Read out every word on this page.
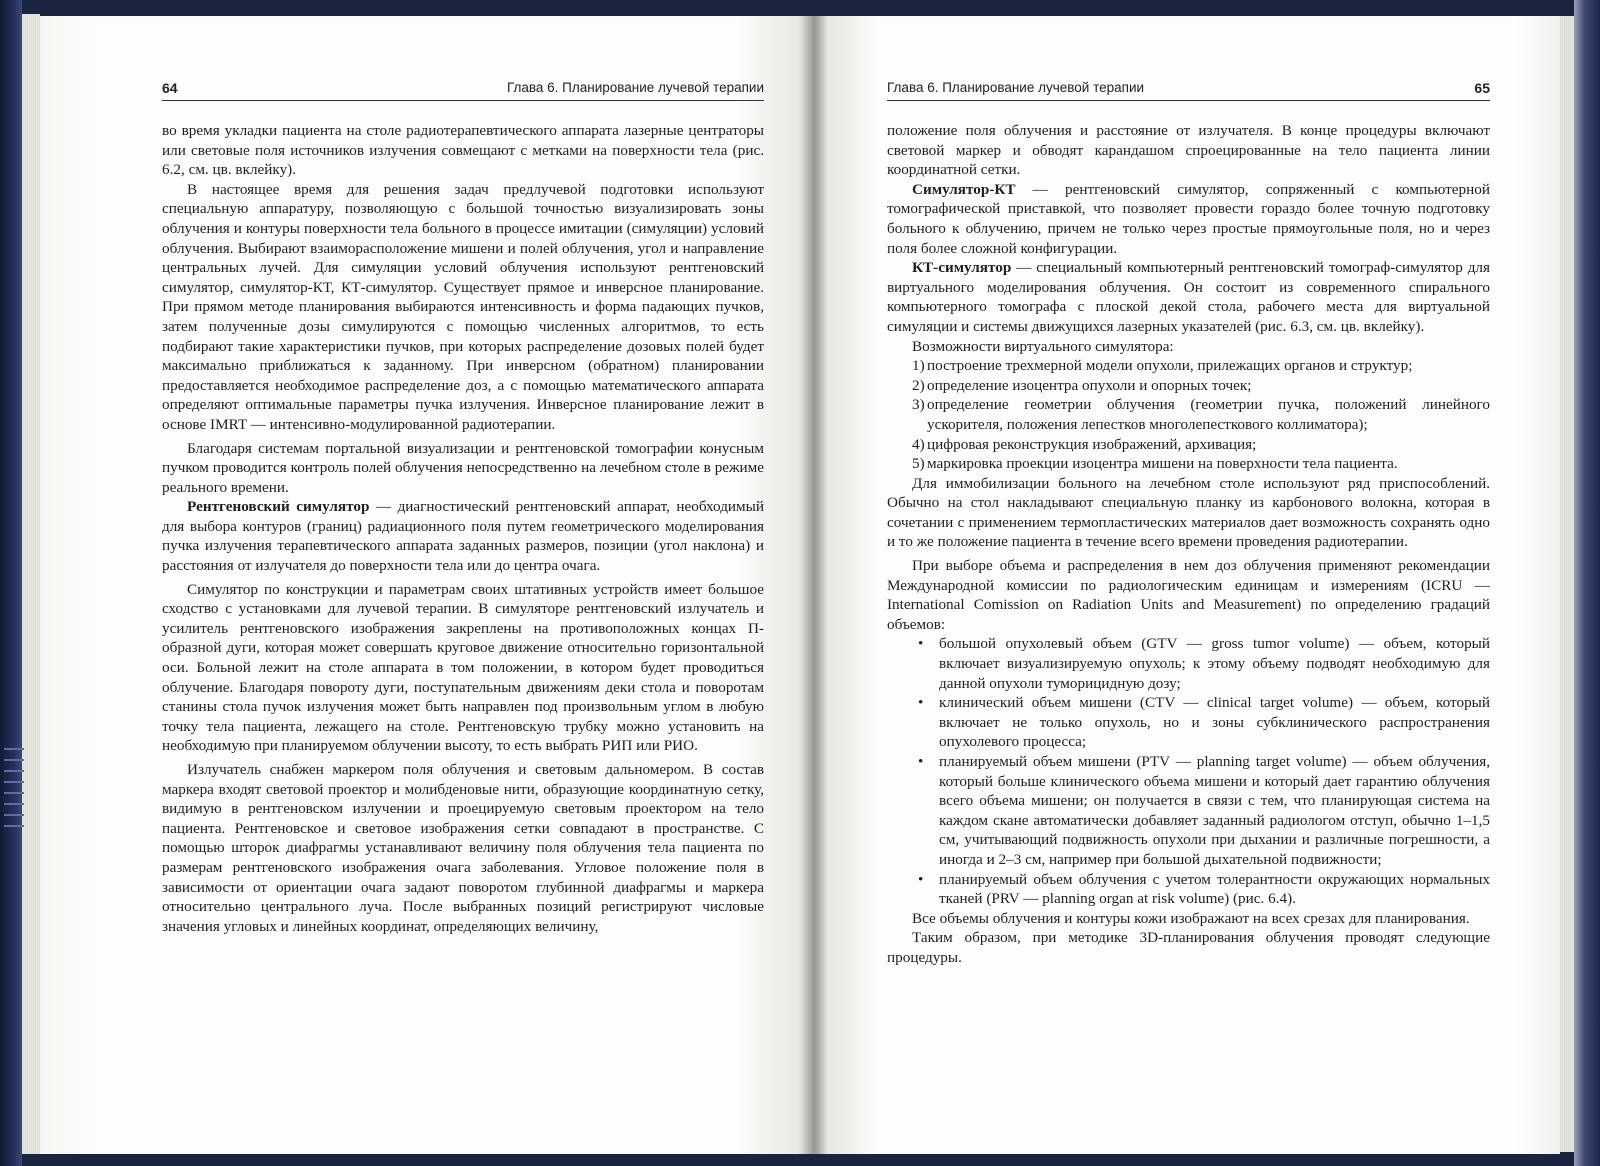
64	Глава 6. Планирование лучевой терапии	Глава 6. Планирование лучевой терапии	65

во время укладки пациента на столе радиотерапевтического аппарата лазерные центраторы или световые поля источников излучения совмещают с метками на поверхности тела (рис. 6.2, см. цв. вклейку).

В настоящее время для решения задач предлучевой подготовки используют специальную аппаратуру, позволяющую с большой точностью визуализировать зоны облучения и контуры поверхности тела больного в процессе имитации (симуляции) условий облучения. Выбирают взаиморасположение мишени и полей облучения, угол и направление центральных лучей. Для симуляции условий облучения используют рентгеновский симулятор, симулятор-КТ, КТ-симулятор. Существует прямое и инверсное планирование. При прямом методе планирования выбираются интенсивность и форма падающих пучков, затем полученные дозы симулируются с помощью численных алгоритмов, то есть подбирают такие характеристики пучков, при которых распределение дозовых полей будет максимально приближаться к заданному. При инверсном (обратном) планировании предоставляется необходимое распределение доз, а с помощью математического аппарата определяют оптимальные параметры пучка излучения. Инверсное планирование лежит в основе IMRT — интенсивно-модулированной радиотерапии.

Благодаря системам портальной визуализации и рентгеновской томографии конусным пучком проводится контроль полей облучения непосредственно на лечебном столе в режиме реального времени.

Рентгеновский симулятор — диагностический рентгеновский аппарат, необходимый для выбора контуров (границ) радиационного поля путем геометрического моделирования пучка излучения терапевтического аппарата заданных размеров, позиции (угол наклона) и расстояния от излучателя до поверхности тела или до центра очага.

Симулятор по конструкции и параметрам своих штативных устройств имеет большое сходство с установками для лучевой терапии. В симуляторе рентгеновский излучатель и усилитель рентгеновского изображения закреплены на противоположных концах П-образной дуги, которая может совершать круговое движение относительно горизонтальной оси. Больной лежит на столе аппарата в том положении, в котором будет проводиться облучение. Благодаря повороту дуги, поступательным движениям деки стола и поворотам станины стола пучок излучения может быть направлен под произвольным углом в любую точку тела пациента, лежащего на столе. Рентгеновскую трубку можно установить на необходимую при планируемом облучении высоту, то есть выбрать РИП или РИО.

Излучатель снабжен маркером поля облучения и световым дальномером. В состав маркера входят световой проектор и молибденовые нити, образующие координатную сетку, видимую в рентгеновском излучении и проецируемую световым проектором на тело пациента. Рентгеновское и световое изображения сетки совпадают в пространстве. С помощью шторок диафрагмы устанавливают величину поля облучения тела пациента по размерам рентгеновского изображения очага заболевания. Угловое положение поля в зависимости от ориентации очага задают поворотом глубинной диафрагмы и маркера относительно центрального луча. После выбранных позиций регистрируют числовые значения угловых и линейных координат, определяющих величину,

положение поля облучения и расстояние от излучателя. В конце процедуры включают световой маркер и обводят карандашом спроецированные на тело пациента линии координатной сетки.

Симулятор-КТ — рентгеновский симулятор, сопряженный с компьютерной томографической приставкой, что позволяет провести гораздо более точную подготовку больного к облучению, причем не только через простые прямоугольные поля, но и через поля более сложной конфигурации.

КТ-симулятор — специальный компьютерный рентгеновский томограф-симулятор для виртуального моделирования облучения. Он состоит из современного спирального компьютерного томографа с плоской декой стола, рабочего места для виртуальной симуляции и системы движущихся лазерных указателей (рис. 6.3, см. цв. вклейку).

Возможности виртуального симулятора:

1) построение трехмерной модели опухоли, прилежащих органов и структур;
2) определение изоцентра опухоли и опорных точек;
3) определение геометрии облучения (геометрии пучка, положений линейного ускорителя, положения лепестков многолепесткового коллиматора);
4) цифровая реконструкция изображений, архивация;
5) маркировка проекции изоцентра мишени на поверхности тела пациента.

Для иммобилизации больного на лечебном столе используют ряд приспособлений. Обычно на стол накладывают специальную планку из карбонового волокна, которая в сочетании с применением термопластических материалов дает возможность сохранять одно и то же положение пациента в течение всего времени проведения радиотерапии.

При выборе объема и распределения в нем доз облучения применяют рекомендации Международной комиссии по радиологическим единицам и измерениям (ICRU — International Comission on Radiation Units and Measurement) по определению градаций объемов:

• большой опухолевый объем (GTV — gross tumor volume) — объем, который включает визуализируемую опухоль; к этому объему подводят необходимую для данной опухоли туморицидную дозу;
• клинический объем мишени (CTV — clinical target volume) — объем, который включает не только опухоль, но и зоны субклинического распространения опухолевого процесса;
• планируемый объем мишени (PTV — planning target volume) — объем облучения, который больше клинического объема мишени и который дает гарантию облучения всего объема мишени; он получается в связи с тем, что планирующая система на каждом скане автоматически добавляет заданный радиологом отступ, обычно 1–1,5 см, учитывающий подвижность опухоли при дыхании и различные погрешности, а иногда и 2–3 см, например при большой дыхательной подвижности;
• планируемый объем облучения с учетом толерантности окружающих нормальных тканей (PRV — planning organ at risk volume) (рис. 6.4).

Все объемы облучения и контуры кожи изображают на всех срезах для планирования.

Таким образом, при методике 3D-планирования облучения проводят следующие процедуры.
